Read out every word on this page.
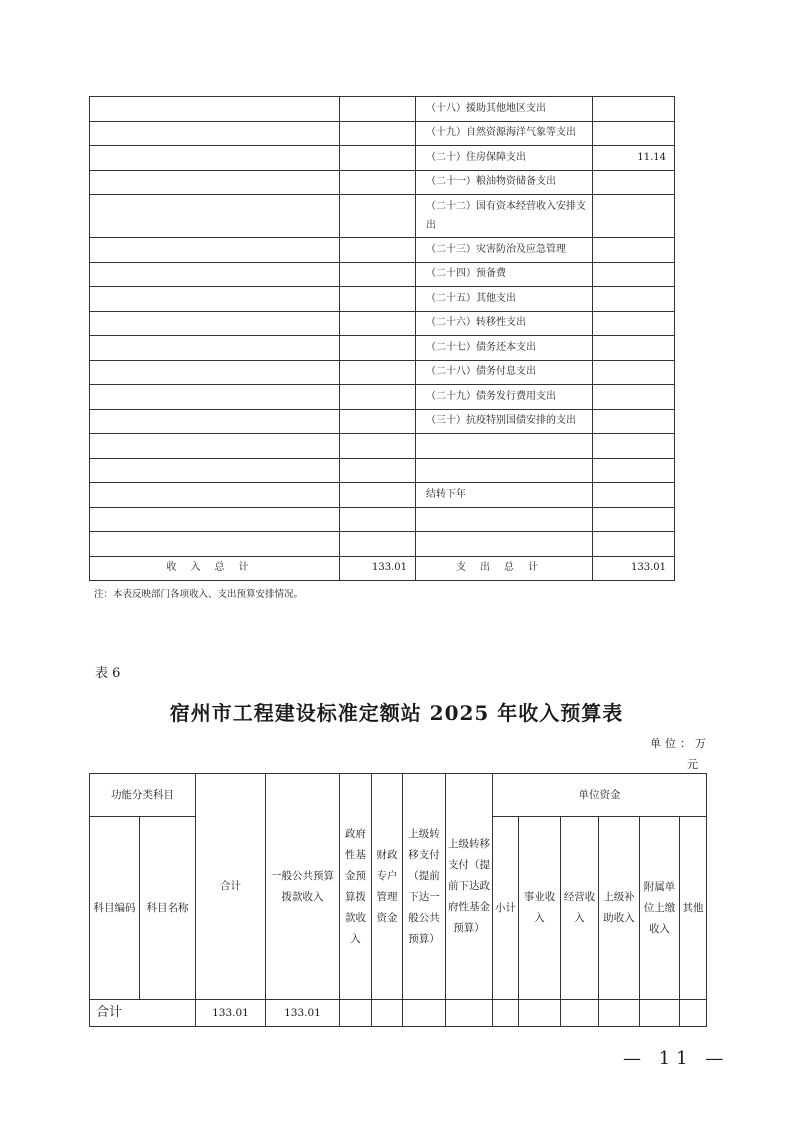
		（十八）援助其他地区支出	
		（十九）自然资源海洋气象等支出	
		（二十）住房保障支出	11.14
		（二十一）粮油物资储备支出	
		（二十二）国有资本经营收入安排支出	
		（二十三）灾害防治及应急管理	
		（二十四）预备费	
		（二十五）其他支出	
		（二十六）转移性支出	
		（二十七）债务还本支出	
		（二十八）债务付息支出	
		（二十九）债务发行费用支出	
		（三十）抗疫特别国债安排的支出	

		结转下年	

收入总计	133.01	支出总计	133.01
注：本表反映部门各项收入、支出预算安排情况。
表 6
宿州市工程建设标准定额站 2025 年收入预算表
单位：万
元
功能分类科目		合计	一般公共预算拨款收入	政府性基金预算拨款收入	财政专户管理资金	上级转移支付（提前下达一般公共预算）	上级转移支付（提前下达政府性基金预算）	单位资金					
科目编码	科目名称							小计	事业收入	经营收入	上级补助收入	附属单位上缴收入	其他
合计		133.01	133.01										
— 11 —
